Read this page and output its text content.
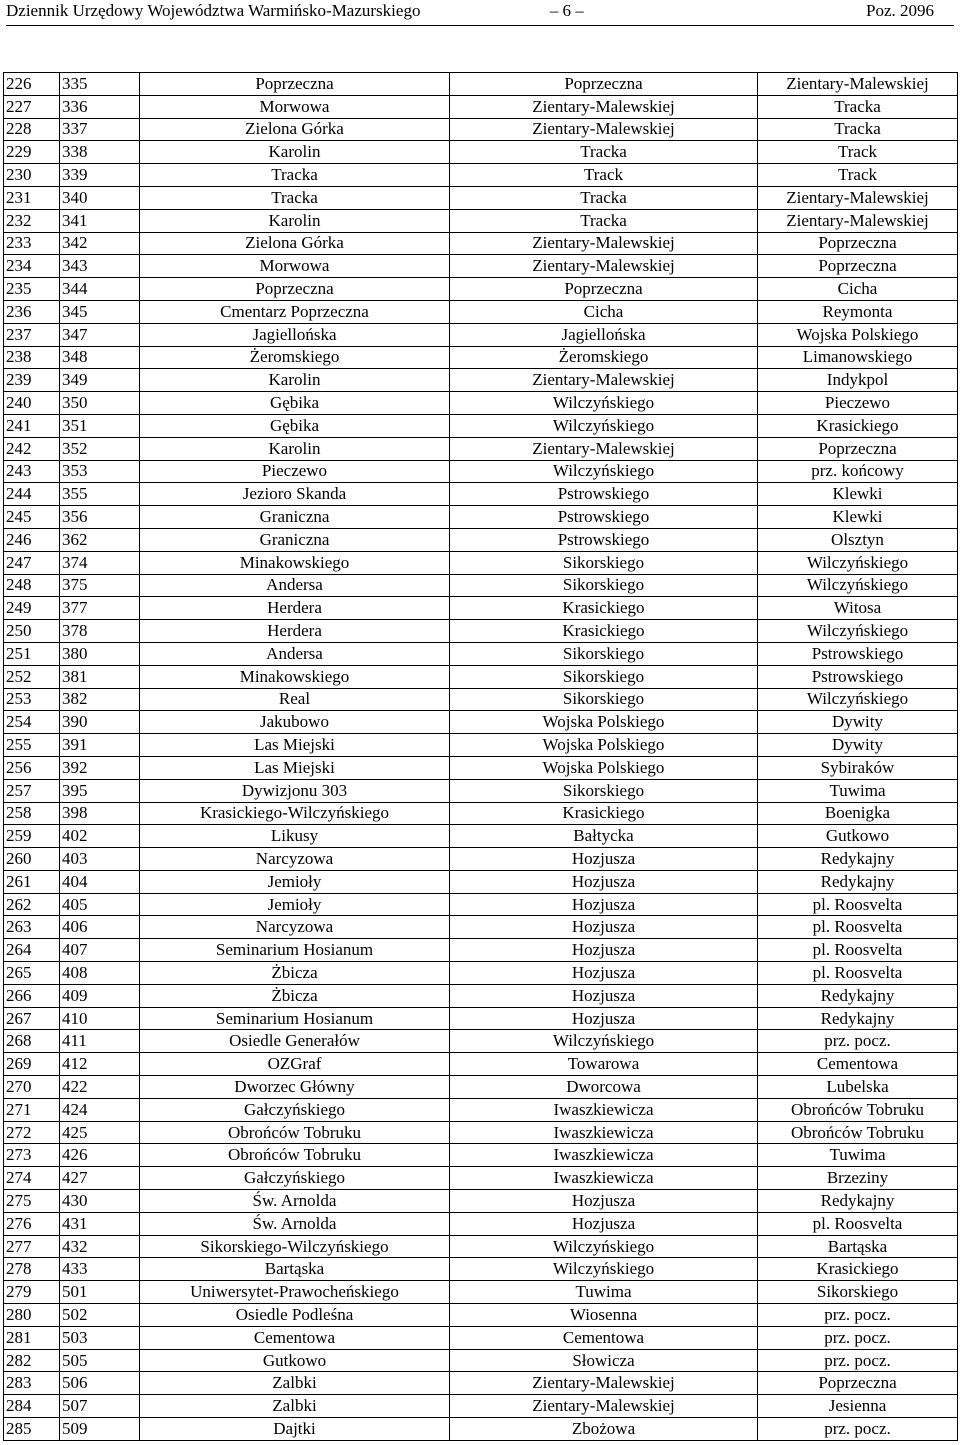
Dziennik Urzędowy Województwa Warmińsko-Mazurskiego	– 6 –	Poz. 2096
226	335	Poprzeczna	Poprzeczna	Zientary-Malewskiej
227	336	Morwowa	Zientary-Malewskiej	Tracka
228	337	Zielona Górka	Zientary-Malewskiej	Tracka
229	338	Karolin	Tracka	Track
230	339	Tracka	Track	Track
231	340	Tracka	Tracka	Zientary-Malewskiej
232	341	Karolin	Tracka	Zientary-Malewskiej
233	342	Zielona Górka	Zientary-Malewskiej	Poprzeczna
234	343	Morwowa	Zientary-Malewskiej	Poprzeczna
235	344	Poprzeczna	Poprzeczna	Cicha
236	345	Cmentarz Poprzeczna	Cicha	Reymonta
237	347	Jagiellońska	Jagiellońska	Wojska Polskiego
238	348	Żeromskiego	Żeromskiego	Limanowskiego
239	349	Karolin	Zientary-Malewskiej	Indykpol
240	350	Gębika	Wilczyńskiego	Pieczewo
241	351	Gębika	Wilczyńskiego	Krasickiego
242	352	Karolin	Zientary-Malewskiej	Poprzeczna
243	353	Pieczewo	Wilczyńskiego	prz. końcowy
244	355	Jezioro Skanda	Pstrowskiego	Klewki
245	356	Graniczna	Pstrowskiego	Klewki
246	362	Graniczna	Pstrowskiego	Olsztyn
247	374	Minakowskiego	Sikorskiego	Wilczyńskiego
248	375	Andersa	Sikorskiego	Wilczyńskiego
249	377	Herdera	Krasickiego	Witosa
250	378	Herdera	Krasickiego	Wilczyńskiego
251	380	Andersa	Sikorskiego	Pstrowskiego
252	381	Minakowskiego	Sikorskiego	Pstrowskiego
253	382	Real	Sikorskiego	Wilczyńskiego
254	390	Jakubowo	Wojska Polskiego	Dywity
255	391	Las Miejski	Wojska Polskiego	Dywity
256	392	Las Miejski	Wojska Polskiego	Sybiraków
257	395	Dywizjonu 303	Sikorskiego	Tuwima
258	398	Krasickiego-Wilczyńskiego	Krasickiego	Boenigka
259	402	Likusy	Bałtycka	Gutkowo
260	403	Narcyzowa	Hozjusza	Redykajny
261	404	Jemioły	Hozjusza	Redykajny
262	405	Jemioły	Hozjusza	pl. Roosvelta
263	406	Narcyzowa	Hozjusza	pl. Roosvelta
264	407	Seminarium Hosianum	Hozjusza	pl. Roosvelta
265	408	Żbicza	Hozjusza	pl. Roosvelta
266	409	Żbicza	Hozjusza	Redykajny
267	410	Seminarium Hosianum	Hozjusza	Redykajny
268	411	Osiedle Generałów	Wilczyńskiego	prz. pocz.
269	412	OZGraf	Towarowa	Cementowa
270	422	Dworzec Główny	Dworcowa	Lubelska
271	424	Gałczyńskiego	Iwaszkiewicza	Obrońców Tobruku
272	425	Obrońców Tobruku	Iwaszkiewicza	Obrońców Tobruku
273	426	Obrońców Tobruku	Iwaszkiewicza	Tuwima
274	427	Gałczyńskiego	Iwaszkiewicza	Brzeziny
275	430	Św. Arnolda	Hozjusza	Redykajny
276	431	Św. Arnolda	Hozjusza	pl. Roosvelta
277	432	Sikorskiego-Wilczyńskiego	Wilczyńskiego	Bartąska
278	433	Bartąska	Wilczyńskiego	Krasickiego
279	501	Uniwersytet-Prawocheńskiego	Tuwima	Sikorskiego
280	502	Osiedle Podleśna	Wiosenna	prz. pocz.
281	503	Cementowa	Cementowa	prz. pocz.
282	505	Gutkowo	Słowicza	prz. pocz.
283	506	Zalbki	Zientary-Malewskiej	Poprzeczna
284	507	Zalbki	Zientary-Malewskiej	Jesienna
285	509	Dajtki	Zbożowa	prz. pocz.
